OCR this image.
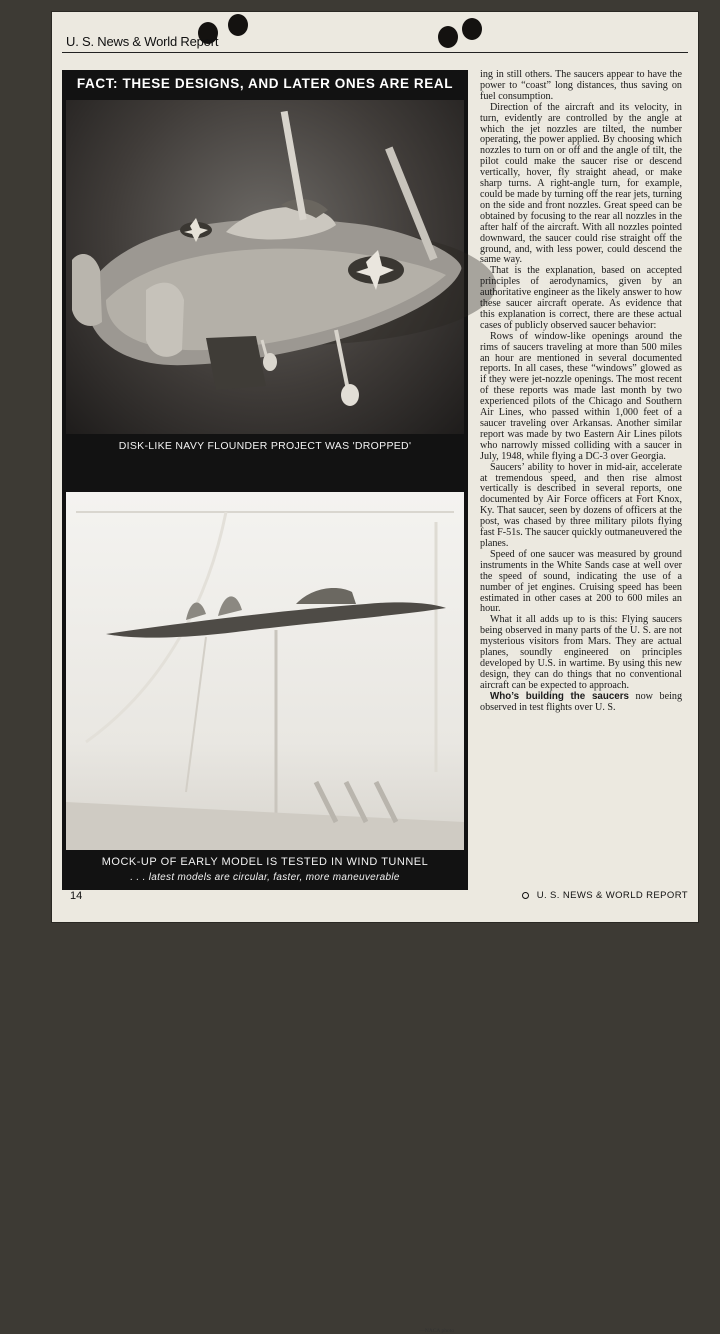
U. S. News & World Report
FACT: THESE DESIGNS, AND LATER ONES ARE REAL
DISK-LIKE NAVY FLOUNDER PROJECT WAS 'DROPPED'
—NACA photo
MOCK-UP OF EARLY MODEL IS TESTED IN WIND TUNNEL
. . . latest models are circular, faster, more maneuverable

ing in still others. The saucers appear to have the power to “coast” long distances, thus saving on fuel consumption.

Direction of the aircraft and its velocity, in turn, evidently are controlled by the angle at which the jet nozzles are tilted, the number operating, the power applied. By choosing which nozzles to turn on or off and the angle of tilt, the pilot could make the saucer rise or descend vertically, hover, fly straight ahead, or make sharp turns. A right-angle turn, for example, could be made by turning off the rear jets, turning on the side and front nozzles. Great speed can be obtained by focusing to the rear all nozzles in the after half of the aircraft. With all nozzles pointed downward, the saucer could rise straight off the ground, and, with less power, could descend the same way.

That is the explanation, based on accepted principles of aerodynamics, given by an authoritative engineer as the likely answer to how these saucer aircraft operate. As evidence that this explanation is correct, there are these actual cases of publicly observed saucer behavior:

Rows of window-like openings around the rims of saucers traveling at more than 500 miles an hour are mentioned in several documented reports. In all cases, these “windows” glowed as if they were jet-nozzle openings. The most recent of these reports was made last month by two experienced pilots of the Chicago and Southern Air Lines, who passed within 1,000 feet of a saucer traveling over Arkansas. Another similar report was made by two Eastern Air Lines pilots who narrowly missed colliding with a saucer in July, 1948, while flying a DC-3 over Georgia.

Saucers’ ability to hover in mid-air, accelerate at tremendous speed, and then rise almost vertically is described in several reports, one documented by Air Force officers at Fort Knox, Ky. That saucer, seen by dozens of officers at the post, was chased by three military pilots flying fast F-51s. The saucer quickly outmaneuvered the planes.

Speed of one saucer was measured by ground instruments in the White Sands case at well over the speed of sound, indicating the use of a number of jet engines. Cruising speed has been estimated in other cases at 200 to 600 miles an hour.

What it all adds up to is this: Flying saucers being observed in many parts of the U. S. are not mysterious visitors from Mars. They are actual planes, soundly engineered on principles developed by U.S. in wartime. By using this new design, they can do things that no conventional aircraft can be expected to approach.

Who’s building the saucers now being observed in test flights over U. S.

14	U. S. NEWS & WORLD REPORT
